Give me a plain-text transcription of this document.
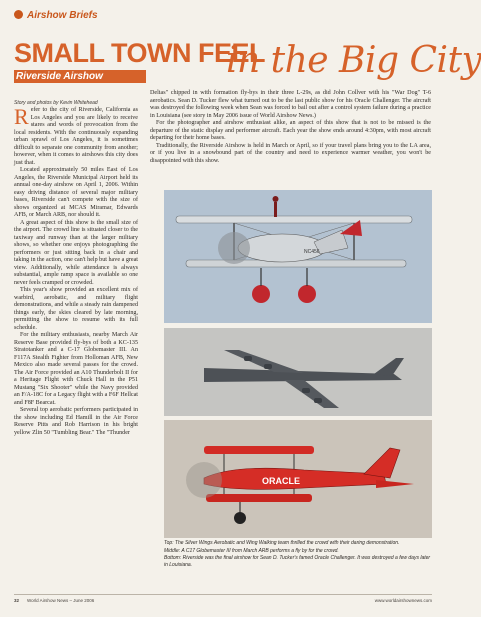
Airshow Briefs
SMALL TOWN FEEL
in the Big City
Riverside Airshow
Story and photos by Kevin Whitehead

Refer to the city of Riverside, California as Los Angeles and you are likely to receive stares and words of provocation from the local residents. With the continuously expanding urban sprawl of Los Angeles, it is sometimes difficult to separate one community from another; however, when it comes to airshows this city does just that.

Located approximately 50 miles East of Los Angeles, the Riverside Municipal Airport held its annual one-day airshow on April 1, 2006. Within easy driving distance of several major military bases, Riverside can't compete with the size of shows organized at MCAS Miramar, Edwards AFB, or March ARB, nor should it.

A great aspect of this show is the small size of the airport. The crowd line is situated closer to the taxiway and runway than at the larger military shows, so whether one enjoys photographing the performers or just sitting back in a chair and taking in the action, one can't help but have a great view. Additionally, while attendance is always substantial, ample ramp space is available so one never feels cramped or crowded.

This year's show provided an excellent mix of warbird, aerobatic, and military flight demonstrations, and while a steady rain dampened things early, the skies cleared by late morning, permitting the show to resume with its full schedule.

For the military enthusiasts, nearby March Air Reserve Base provided fly-bys of both a KC-135 Stratotanker and a C-17 Globemaster III. An F117A Stealth Fighter from Holloman AFB, New Mexico also made several passes for the crowd. The Air Force provided an A10 Thunderbolt II for a Heritage Flight with Chuck Hall in the P51 Mustang "Six Shooter" while the Navy provided an F/A-18C for a Legacy flight with a F6F Hellcat and F8F Bearcat.

Several top aerobatic performers participated in the show including Ed Hamill in the Air Force Reserve Pitts and Rob Harrison in his bright yellow Zlin 50 "Tumbling Bear." The "Thunder

Deltas" chipped in with formation fly-bys in their three L-29s, as did John Collver with his "War Dog" T-6 aerobatics. Sean D. Tucker flew what turned out to be the last public show for his Oracle Challenger. The aircraft was destroyed the following week when Sean was forced to bail out after a control system failure during a practice in Louisiana (see story in May 2006 issue of World Airshow News.)

For the photographer and airshow enthusiast alike, an aspect of this show that is not to be missed is the departure of the static display and performer aircraft. Each year the show ends around 4:30pm, with most aircraft departing for their home bases.

Traditionally, the Riverside Airshow is held in March or April, so if your travel plans bring you to the LA area, or if you live in a snowbound part of the country and need to experience warmer weather, you won't be disappointed with this show.

NC456
ORACLE

Top: The Silver Wings Aerobatic and Wing Walking team thrilled the crowd with their daring demonstration.

Middle: A C17 Globemaster III from March ARB performs a fly by for the crowd.

Bottom: Riverside was the final airshow for Sean D. Tucker's famed Oracle Challenger. It was destroyed a few days later in Louisiana.

32 World Airshow News – June 2006	www.worldairshownews.com
